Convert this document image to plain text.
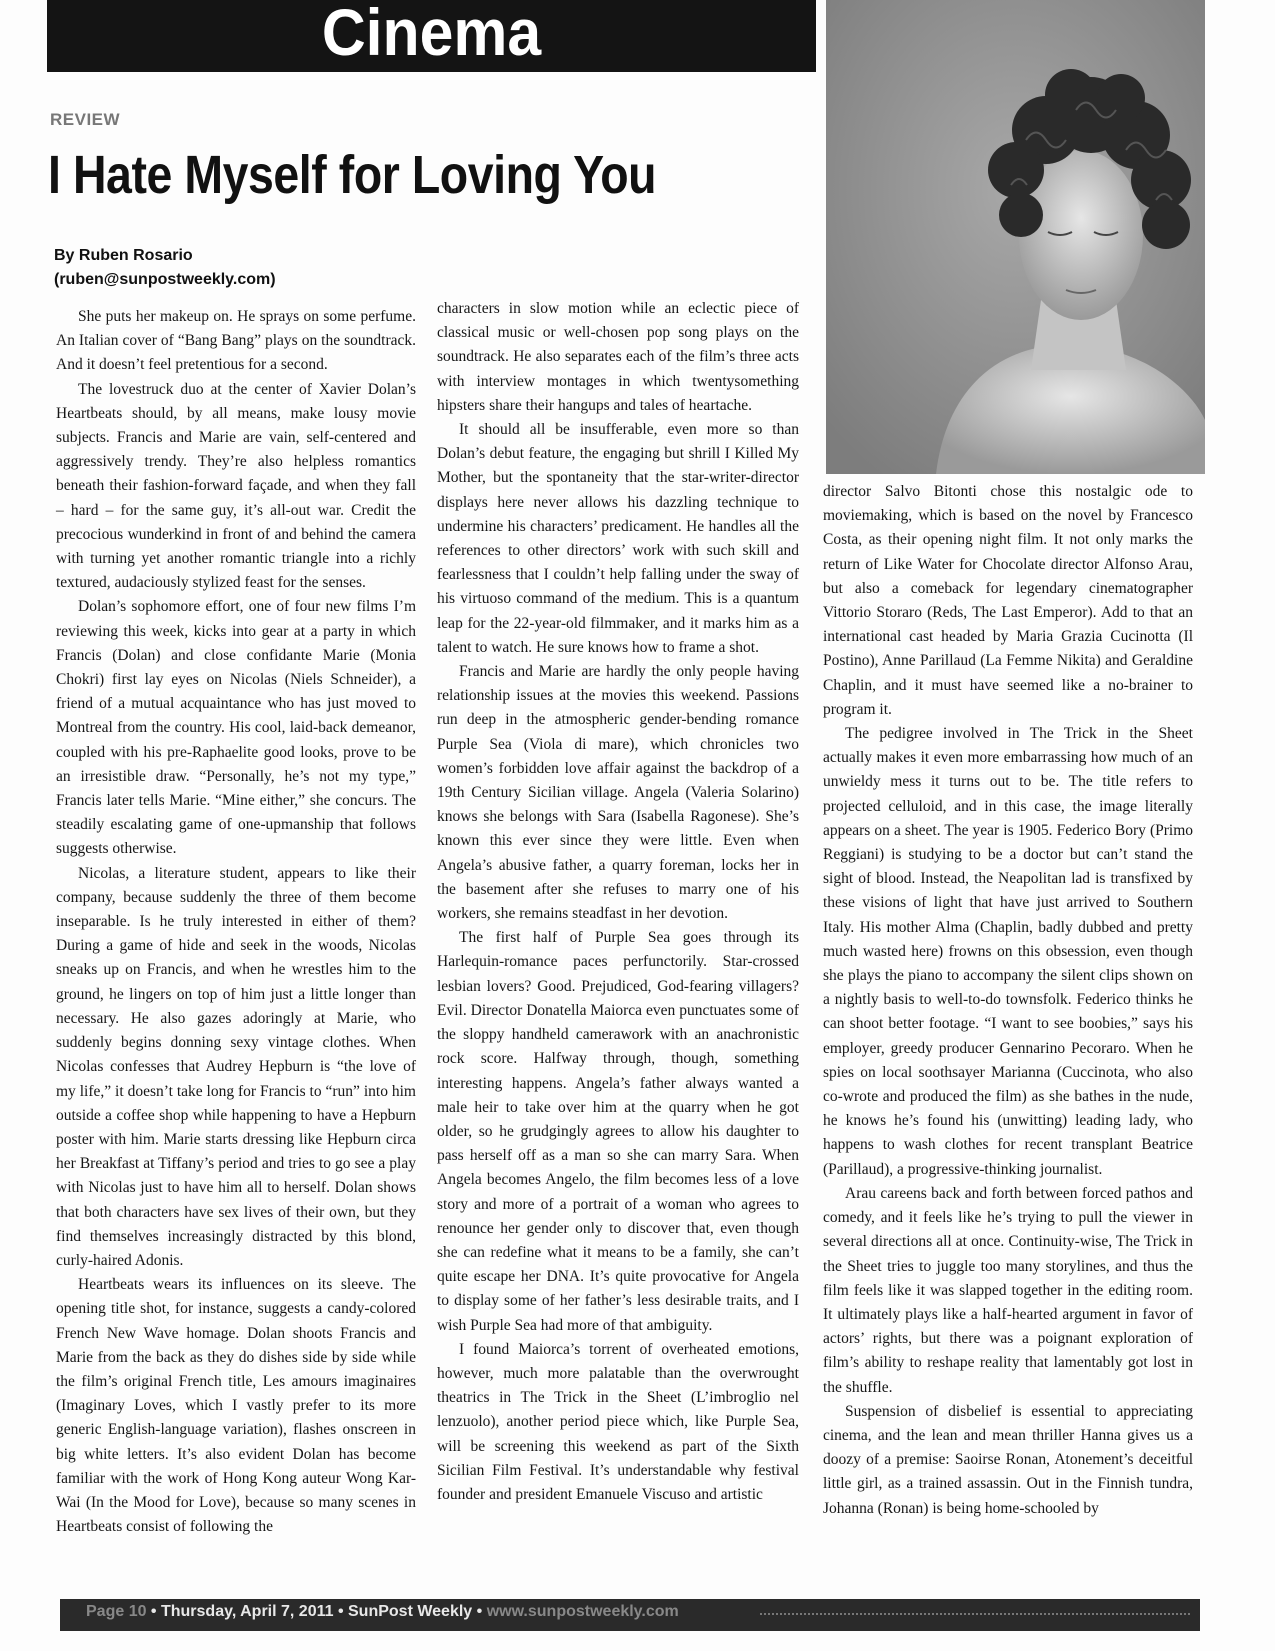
Cinema
REVIEW
I Hate Myself for Loving You
By Ruben Rosario
(ruben@sunpostweekly.com)

She puts her makeup on. He sprays on some perfume. An Italian cover of “Bang Bang” plays on the soundtrack. And it doesn’t feel pretentious for a second.

The lovestruck duo at the center of Xavier Dolan’s Heartbeats should, by all means, make lousy movie subjects. Francis and Marie are vain, self-centered and aggressively trendy. They’re also helpless romantics beneath their fashion-forward façade, and when they fall – hard – for the same guy, it’s all-out war. Credit the precocious wunderkind in front of and behind the camera with turning yet another romantic triangle into a richly textured, audaciously stylized feast for the senses.

Dolan’s sophomore effort, one of four new films I’m reviewing this week, kicks into gear at a party in which Francis (Dolan) and close confidante Marie (Monia Chokri) first lay eyes on Nicolas (Niels Schneider), a friend of a mutual acquaintance who has just moved to Montreal from the country. His cool, laid-back demeanor, coupled with his pre-Raphaelite good looks, prove to be an irresistible draw. “Personally, he’s not my type,” Francis later tells Marie. “Mine either,” she concurs. The steadily escalating game of one-upmanship that follows suggests otherwise.

Nicolas, a literature student, appears to like their company, because suddenly the three of them become inseparable. Is he truly interested in either of them? During a game of hide and seek in the woods, Nicolas sneaks up on Francis, and when he wrestles him to the ground, he lingers on top of him just a little longer than necessary. He also gazes adoringly at Marie, who suddenly begins donning sexy vintage clothes. When Nicolas confesses that Audrey Hepburn is “the love of my life,” it doesn’t take long for Francis to “run” into him outside a coffee shop while happening to have a Hepburn poster with him. Marie starts dressing like Hepburn circa her Breakfast at Tiffany’s period and tries to go see a play with Nicolas just to have him all to herself. Dolan shows that both characters have sex lives of their own, but they find themselves increasingly distracted by this blond, curly-haired Adonis.

Heartbeats wears its influences on its sleeve. The opening title shot, for instance, suggests a candy-colored French New Wave homage. Dolan shoots Francis and Marie from the back as they do dishes side by side while the film’s original French title, Les amours imaginaires (Imaginary Loves, which I vastly prefer to its more generic English-language variation), flashes onscreen in big white letters. It’s also evident Dolan has become familiar with the work of Hong Kong auteur Wong Kar-Wai (In the Mood for Love), because so many scenes in Heartbeats consist of following the

characters in slow motion while an eclectic piece of classical music or well-chosen pop song plays on the soundtrack. He also separates each of the film’s three acts with interview montages in which twentysomething hipsters share their hangups and tales of heartache.

It should all be insufferable, even more so than Dolan’s debut feature, the engaging but shrill I Killed My Mother, but the spontaneity that the star-writer-director displays here never allows his dazzling technique to undermine his characters’ predicament. He handles all the references to other directors’ work with such skill and fearlessness that I couldn’t help falling under the sway of his virtuoso command of the medium. This is a quantum leap for the 22-year-old filmmaker, and it marks him as a talent to watch. He sure knows how to frame a shot.

Francis and Marie are hardly the only people having relationship issues at the movies this weekend. Passions run deep in the atmospheric gender-bending romance Purple Sea (Viola di mare), which chronicles two women’s forbidden love affair against the backdrop of a 19th Century Sicilian village. Angela (Valeria Solarino) knows she belongs with Sara (Isabella Ragonese). She’s known this ever since they were little. Even when Angela’s abusive father, a quarry foreman, locks her in the basement after she refuses to marry one of his workers, she remains steadfast in her devotion.

The first half of Purple Sea goes through its Harlequin-romance paces perfunctorily. Star-crossed lesbian lovers? Good. Prejudiced, God-fearing villagers? Evil. Director Donatella Maiorca even punctuates some of the sloppy handheld camerawork with an anachronistic rock score. Halfway through, though, something interesting happens. Angela’s father always wanted a male heir to take over him at the quarry when he got older, so he grudgingly agrees to allow his daughter to pass herself off as a man so she can marry Sara. When Angela becomes Angelo, the film becomes less of a love story and more of a portrait of a woman who agrees to renounce her gender only to discover that, even though she can redefine what it means to be a family, she can’t quite escape her DNA. It’s quite provocative for Angela to display some of her father’s less desirable traits, and I wish Purple Sea had more of that ambiguity.

I found Maiorca’s torrent of overheated emotions, however, much more palatable than the overwrought theatrics in The Trick in the Sheet (L’imbroglio nel lenzuolo), another period piece which, like Purple Sea, will be screening this weekend as part of the Sixth Sicilian Film Festival. It’s understandable why festival founder and president Emanuele Viscuso and artistic

director Salvo Bitonti chose this nostalgic ode to moviemaking, which is based on the novel by Francesco Costa, as their opening night film. It not only marks the return of Like Water for Chocolate director Alfonso Arau, but also a comeback for legendary cinematographer Vittorio Storaro (Reds, The Last Emperor). Add to that an international cast headed by Maria Grazia Cucinotta (Il Postino), Anne Parillaud (La Femme Nikita) and Geraldine Chaplin, and it must have seemed like a no-brainer to program it.

The pedigree involved in The Trick in the Sheet actually makes it even more embarrassing how much of an unwieldy mess it turns out to be. The title refers to projected celluloid, and in this case, the image literally appears on a sheet. The year is 1905. Federico Bory (Primo Reggiani) is studying to be a doctor but can’t stand the sight of blood. Instead, the Neapolitan lad is transfixed by these visions of light that have just arrived to Southern Italy. His mother Alma (Chaplin, badly dubbed and pretty much wasted here) frowns on this obsession, even though she plays the piano to accompany the silent clips shown on a nightly basis to well-to-do townsfolk. Federico thinks he can shoot better footage. “I want to see boobies,” says his employer, greedy producer Gennarino Pecoraro. When he spies on local soothsayer Marianna (Cuccinota, who also co-wrote and produced the film) as she bathes in the nude, he knows he’s found his (unwitting) leading lady, who happens to wash clothes for recent transplant Beatrice (Parillaud), a progressive-thinking journalist.

Arau careens back and forth between forced pathos and comedy, and it feels like he’s trying to pull the viewer in several directions all at once. Continuity-wise, The Trick in the Sheet tries to juggle too many storylines, and thus the film feels like it was slapped together in the editing room. It ultimately plays like a half-hearted argument in favor of actors’ rights, but there was a poignant exploration of film’s ability to reshape reality that lamentably got lost in the shuffle.

Suspension of disbelief is essential to appreciating cinema, and the lean and mean thriller Hanna gives us a doozy of a premise: Saoirse Ronan, Atonement’s deceitful little girl, as a trained assassin. Out in the Finnish tundra, Johanna (Ronan) is being home-schooled by

Page 10 • Thursday, April 7, 2011 • SunPost Weekly • www.sunpostweekly.com
